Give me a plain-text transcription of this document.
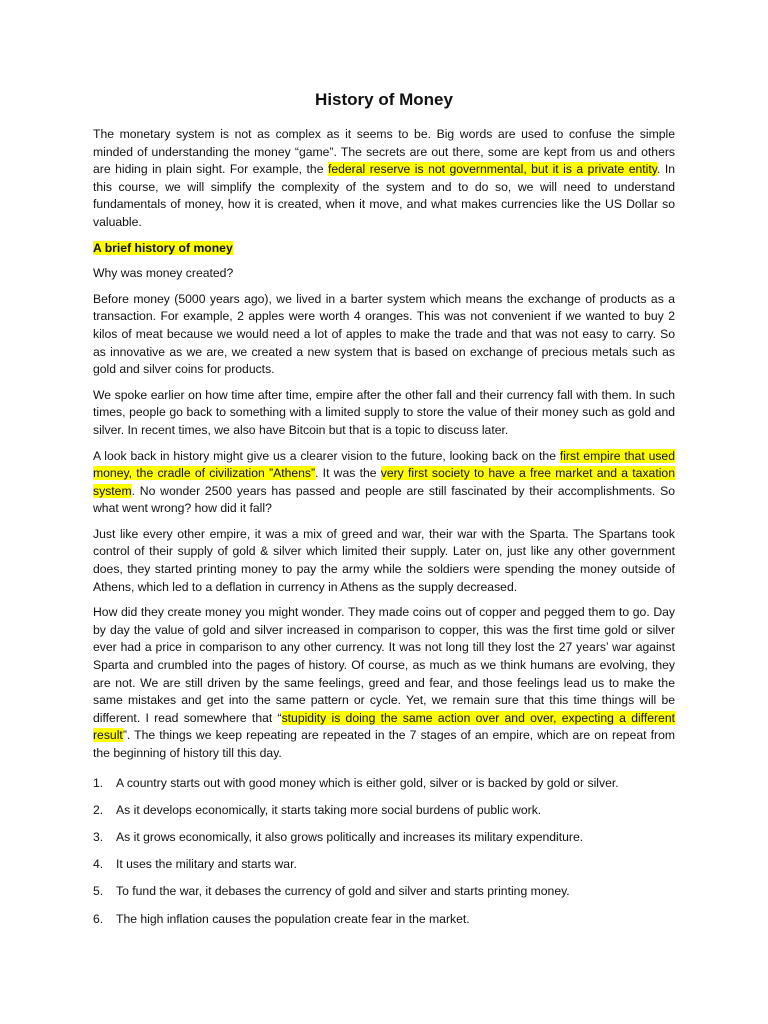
History of Money

The monetary system is not as complex as it seems to be. Big words are used to confuse the simple minded of understanding the money “game”. The secrets are out there, some are kept from us and others are hiding in plain sight. For example, the federal reserve is not governmental, but it is a private entity. In this course, we will simplify the complexity of the system and to do so, we will need to understand fundamentals of money, how it is created, when it move, and what makes currencies like the US Dollar so valuable.

A brief history of money

Why was money created?

Before money (5000 years ago), we lived in a barter system which means the exchange of products as a transaction. For example, 2 apples were worth 4 oranges. This was not convenient if we wanted to buy 2 kilos of meat because we would need a lot of apples to make the trade and that was not easy to carry. So as innovative as we are, we created a new system that is based on exchange of precious metals such as gold and silver coins for products.

We spoke earlier on how time after time, empire after the other fall and their currency fall with them. In such times, people go back to something with a limited supply to store the value of their money such as gold and silver. In recent times, we also have Bitcoin but that is a topic to discuss later.

A look back in history might give us a clearer vision to the future, looking back on the first empire that used money, the cradle of civilization ”Athens”. It was the very first society to have a free market and a taxation system. No wonder 2500 years has passed and people are still fascinated by their accomplishments. So what went wrong? how did it fall?

Just like every other empire, it was a mix of greed and war, their war with the Sparta. The Spartans took control of their supply of gold & silver which limited their supply. Later on, just like any other government does, they started printing money to pay the army while the soldiers were spending the money outside of Athens, which led to a deflation in currency in Athens as the supply decreased.

How did they create money you might wonder. They made coins out of copper and pegged them to go. Day by day the value of gold and silver increased in comparison to copper, this was the first time gold or silver ever had a price in comparison to any other currency. It was not long till they lost the 27 years’ war against Sparta and crumbled into the pages of history. Of course, as much as we think humans are evolving, they are not. We are still driven by the same feelings, greed and fear, and those feelings lead us to make the same mistakes and get into the same pattern or cycle. Yet, we remain sure that this time things will be different. I read somewhere that “stupidity is doing the same action over and over, expecting a different result”. The things we keep repeating are repeated in the 7 stages of an empire, which are on repeat from the beginning of history till this day.

1. A country starts out with good money which is either gold, silver or is backed by gold or silver.
2. As it develops economically, it starts taking more social burdens of public work.
3. As it grows economically, it also grows politically and increases its military expenditure.
4. It uses the military and starts war.
5. To fund the war, it debases the currency of gold and silver and starts printing money.
6. The high inflation causes the population create fear in the market.
